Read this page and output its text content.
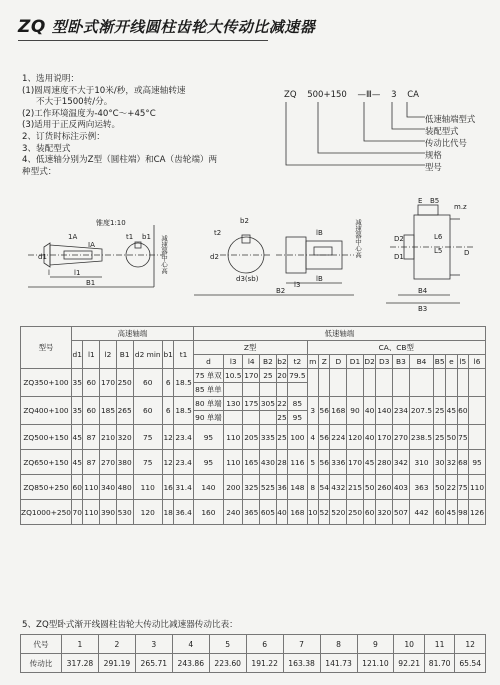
ZQ 型卧式渐开线圆柱齿轮大传动比减速器
1、选用说明：
(1)圆周速度不大于10米/秒，或高速轴转速
不大于1500转/分。
(2)工作环境温度为-40°C～+45°C
(3)适用于正反两向运转。
2、订货时标注示例：
3、装配型式
4、低速轴分别为Z型（圆柱端）和CA（齿轮端）两
种型式：
ZQ 500+150 —Ⅲ— 3 CA
低速轴端型式
装配型式
传动比代号
规格
型号
锥度1:10
1A
IA
l1
l
B1
d1
t1 b1
b2
d2
t2
d3(sb)
lB
lB
l3
B2
E B5
m.z
L6
L5	D
D2
D1
B4
B3
减速器中心高	减速器中心高
型号	高速轴端							低速轴端																	
	d1	l1	l2	B1	d2 min	b1	t1	Z型						CA、CB型											
								d	l3	l4	B2	b2	t2	m	Z	D	D1	D2	D3	B3	B4	B5	e	l5	l6
ZQ350+100	35	60	170	250	60	6	18.5	75 单双	10.5	170	25	20	79.5												
								85 单单																	
ZQ400+100	35	60	185	265	60	6	18.5	80 单端	130	175	305	22	85	3	56	168	90	40	140	234	207.5	25	45	60	
								90 单端				25	95												
ZQ500+150	45	87	210	320	75	12	23.4	95	110	205	335	25	100	4	56	224	120	40	170	270	238.5	25	50	75	
ZQ650+150	45	87	270	380	75	12	23.4	95	110	165	430	28	116	5	56	336	170	45	280	342	310	30	32	68	95
ZQ850+250	60	110	340	480	110	16	31.4	140	200	325	525	36	148	8	54	432	215	50	260	403	363	50	22	75	110
ZQ1000+250	70	110	390	530	120	18	36.4	160	240	365	605	40	168	10	52	520	250	60	320	507	442	60	45	98	126
5、ZQ型卧式渐开线圆柱齿轮大传动比减速器传动比表：
代号	1	2	3	4	5	6	7	8	9	10	11	12
传动比	317.28	291.19	265.71	243.86	223.60	191.22	163.38	141.73	121.10	92.21	81.70	65.54
